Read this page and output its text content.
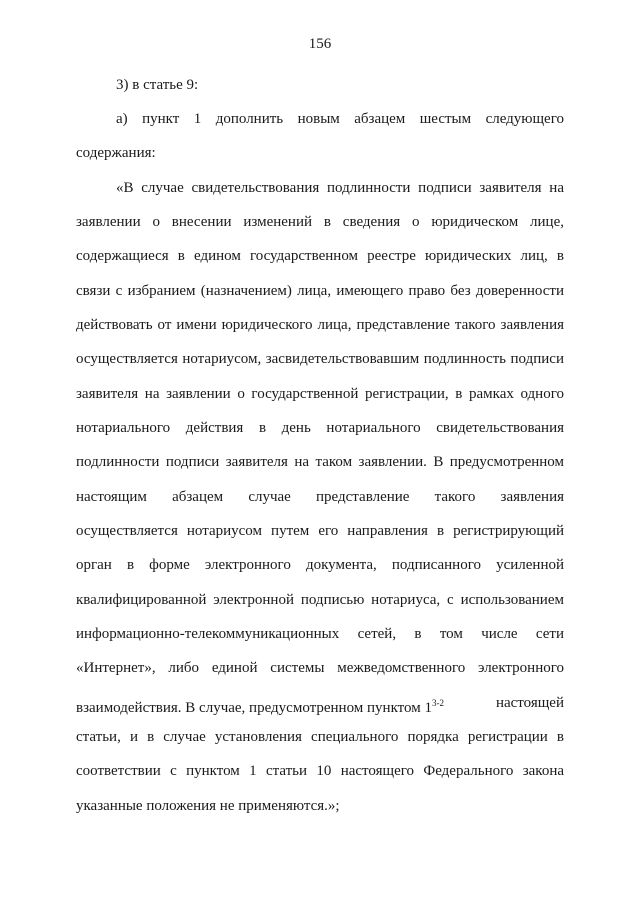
156
3) в статье 9:
а) пункт 1 дополнить новым абзацем шестым следующего
содержания:
«В случае свидетельствования подлинности подписи заявителя на
заявлении о внесении изменений в сведения о юридическом лице,
содержащиеся в едином государственном реестре юридических лиц, в
связи с избранием (назначением) лица, имеющего право без доверенности
действовать от имени юридического лица, представление такого заявления
осуществляется нотариусом, засвидетельствовавшим подлинность подписи
заявителя на заявлении о государственной регистрации, в рамках одного
нотариального действия в день нотариального свидетельствования
подлинности подписи заявителя на таком заявлении. В предусмотренном
настоящим абзацем случае представление такого заявления
осуществляется нотариусом путем его направления в регистрирующий
орган в форме электронного документа, подписанного усиленной
квалифицированной электронной подписью нотариуса, с использованием
информационно-телекоммуникационных сетей, в том числе сети
«Интернет», либо единой системы межведомственного электронного
взаимодействия. В случае, предусмотренном пунктом 1$^{3-2}$	настоящей
статьи, и в случае установления специального порядка регистрации в
соответствии с пунктом 1 статьи 10 настоящего Федерального закона
указанные положения не применяются.»;
